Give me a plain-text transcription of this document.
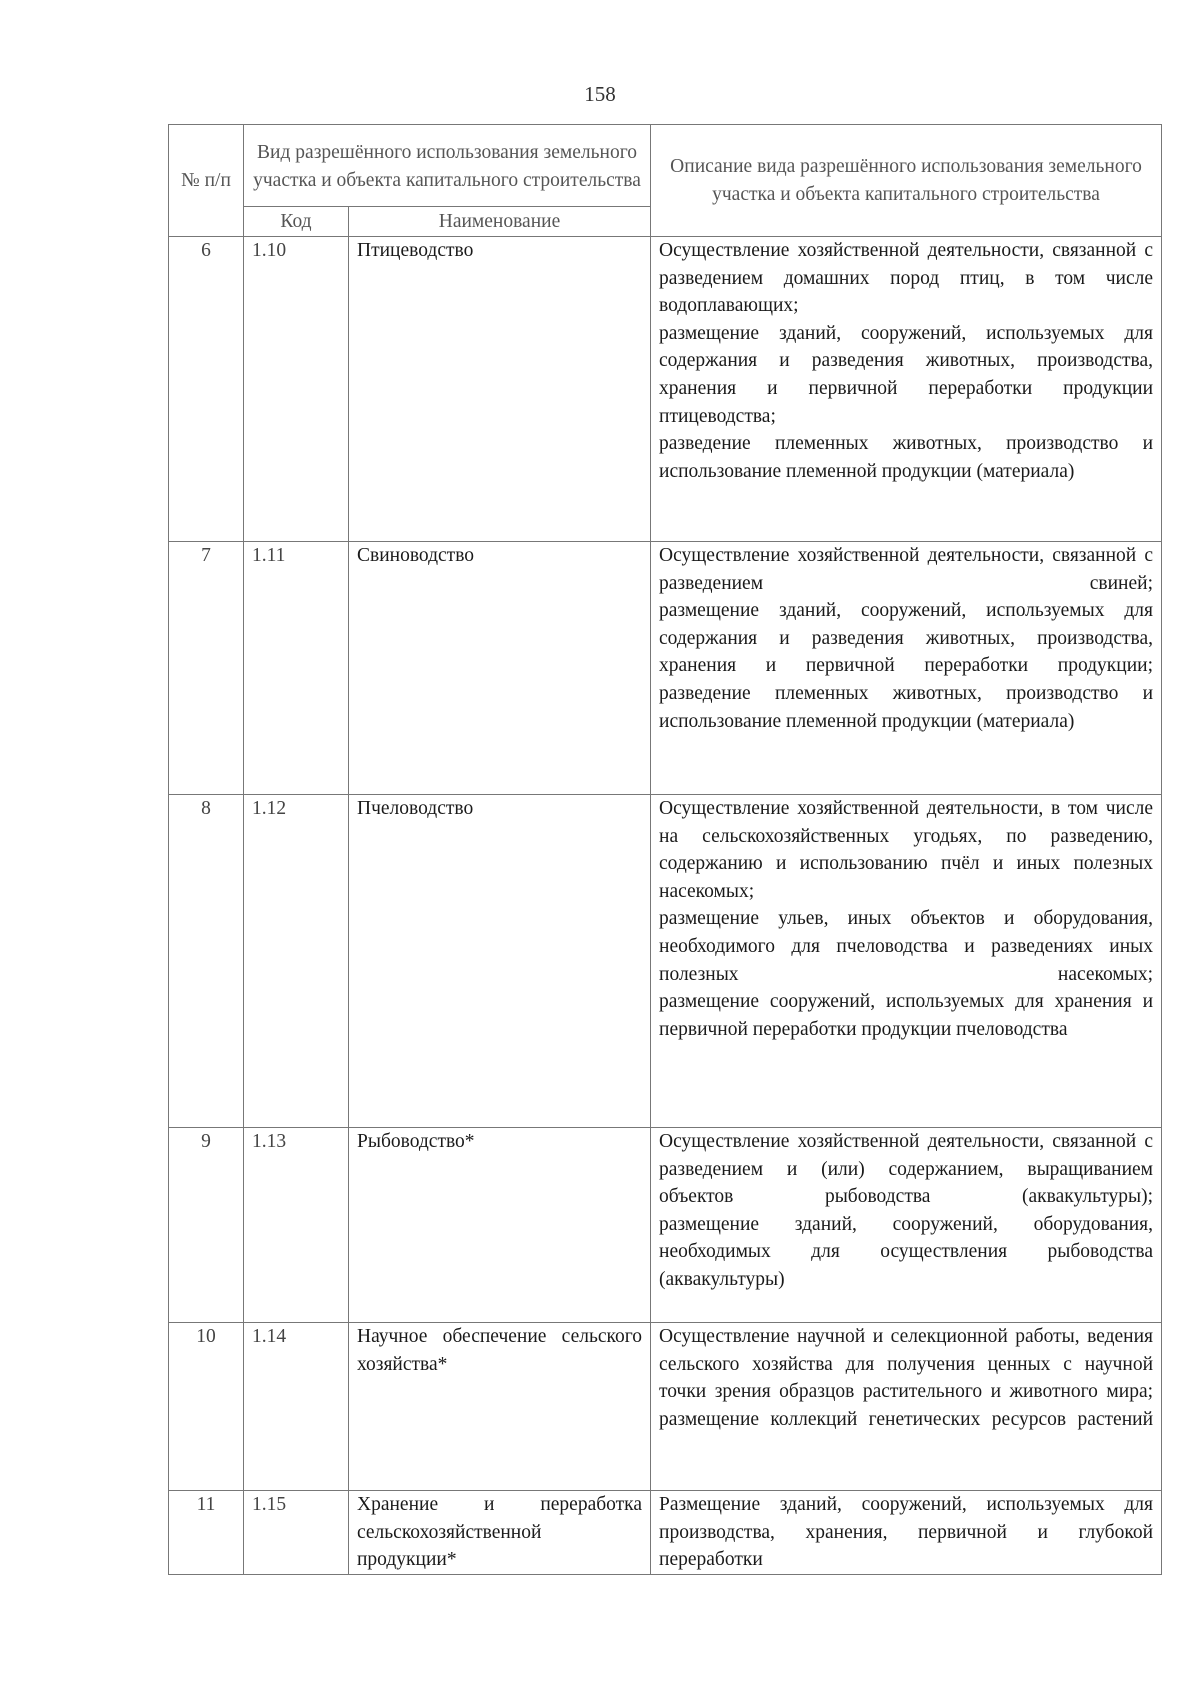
158
№ п/п	Вид разрешённого использования земельного участка и объекта капитального строительства		Описание вида разрешённого использования земельного участка и объекта капитального строительства
	Код	Наименование	
6	1.10	Птицеводство	Осуществление хозяйственной деятельности, связанной с разведением домашних пород птиц, в том числе водоплавающих;
размещение зданий, сооружений, используемых для содержания и разведения животных, производства, хранения и первичной переработки продукции птицеводства;
разведение племенных животных, производство и использование племенной продукции (материала)

7	1.11	Свиноводство	Осуществление хозяйственной деятельности, связанной с разведением свиней;
размещение зданий, сооружений, используемых для содержания и разведения животных, производства, хранения и первичной переработки продукции;
разведение племенных животных, производство и использование племенной продукции (материала)

8	1.12	Пчеловодство	Осуществление хозяйственной деятельности, в том числе на сельскохозяйственных угодьях, по разведению, содержанию и использованию пчёл и иных полезных насекомых;
размещение ульев, иных объектов и оборудования, необходимого для пчеловодства и разведениях иных полезных насекомых;
размещение сооружений, используемых для хранения и первичной переработки продукции пчеловодства

9	1.13	Рыбоводство*	Осуществление хозяйственной деятельности, связанной с разведением и (или) содержанием, выращиванием объектов рыбоводства (аквакультуры);
размещение зданий, сооружений, оборудования, необходимых для осуществления рыбоводства (аквакультуры)

10	1.14	Научное обеспечение сельского хозяйства*	Осуществление научной и селекционной работы, ведения сельского хозяйства для получения ценных с научной точки зрения образцов растительного и животного мира;
размещение коллекций генетических ресурсов растений

11	1.15	Хранение и переработка сельскохозяйственной продукции*	Размещение зданий, сооружений, используемых для производства, хранения, первичной и глубокой переработки
